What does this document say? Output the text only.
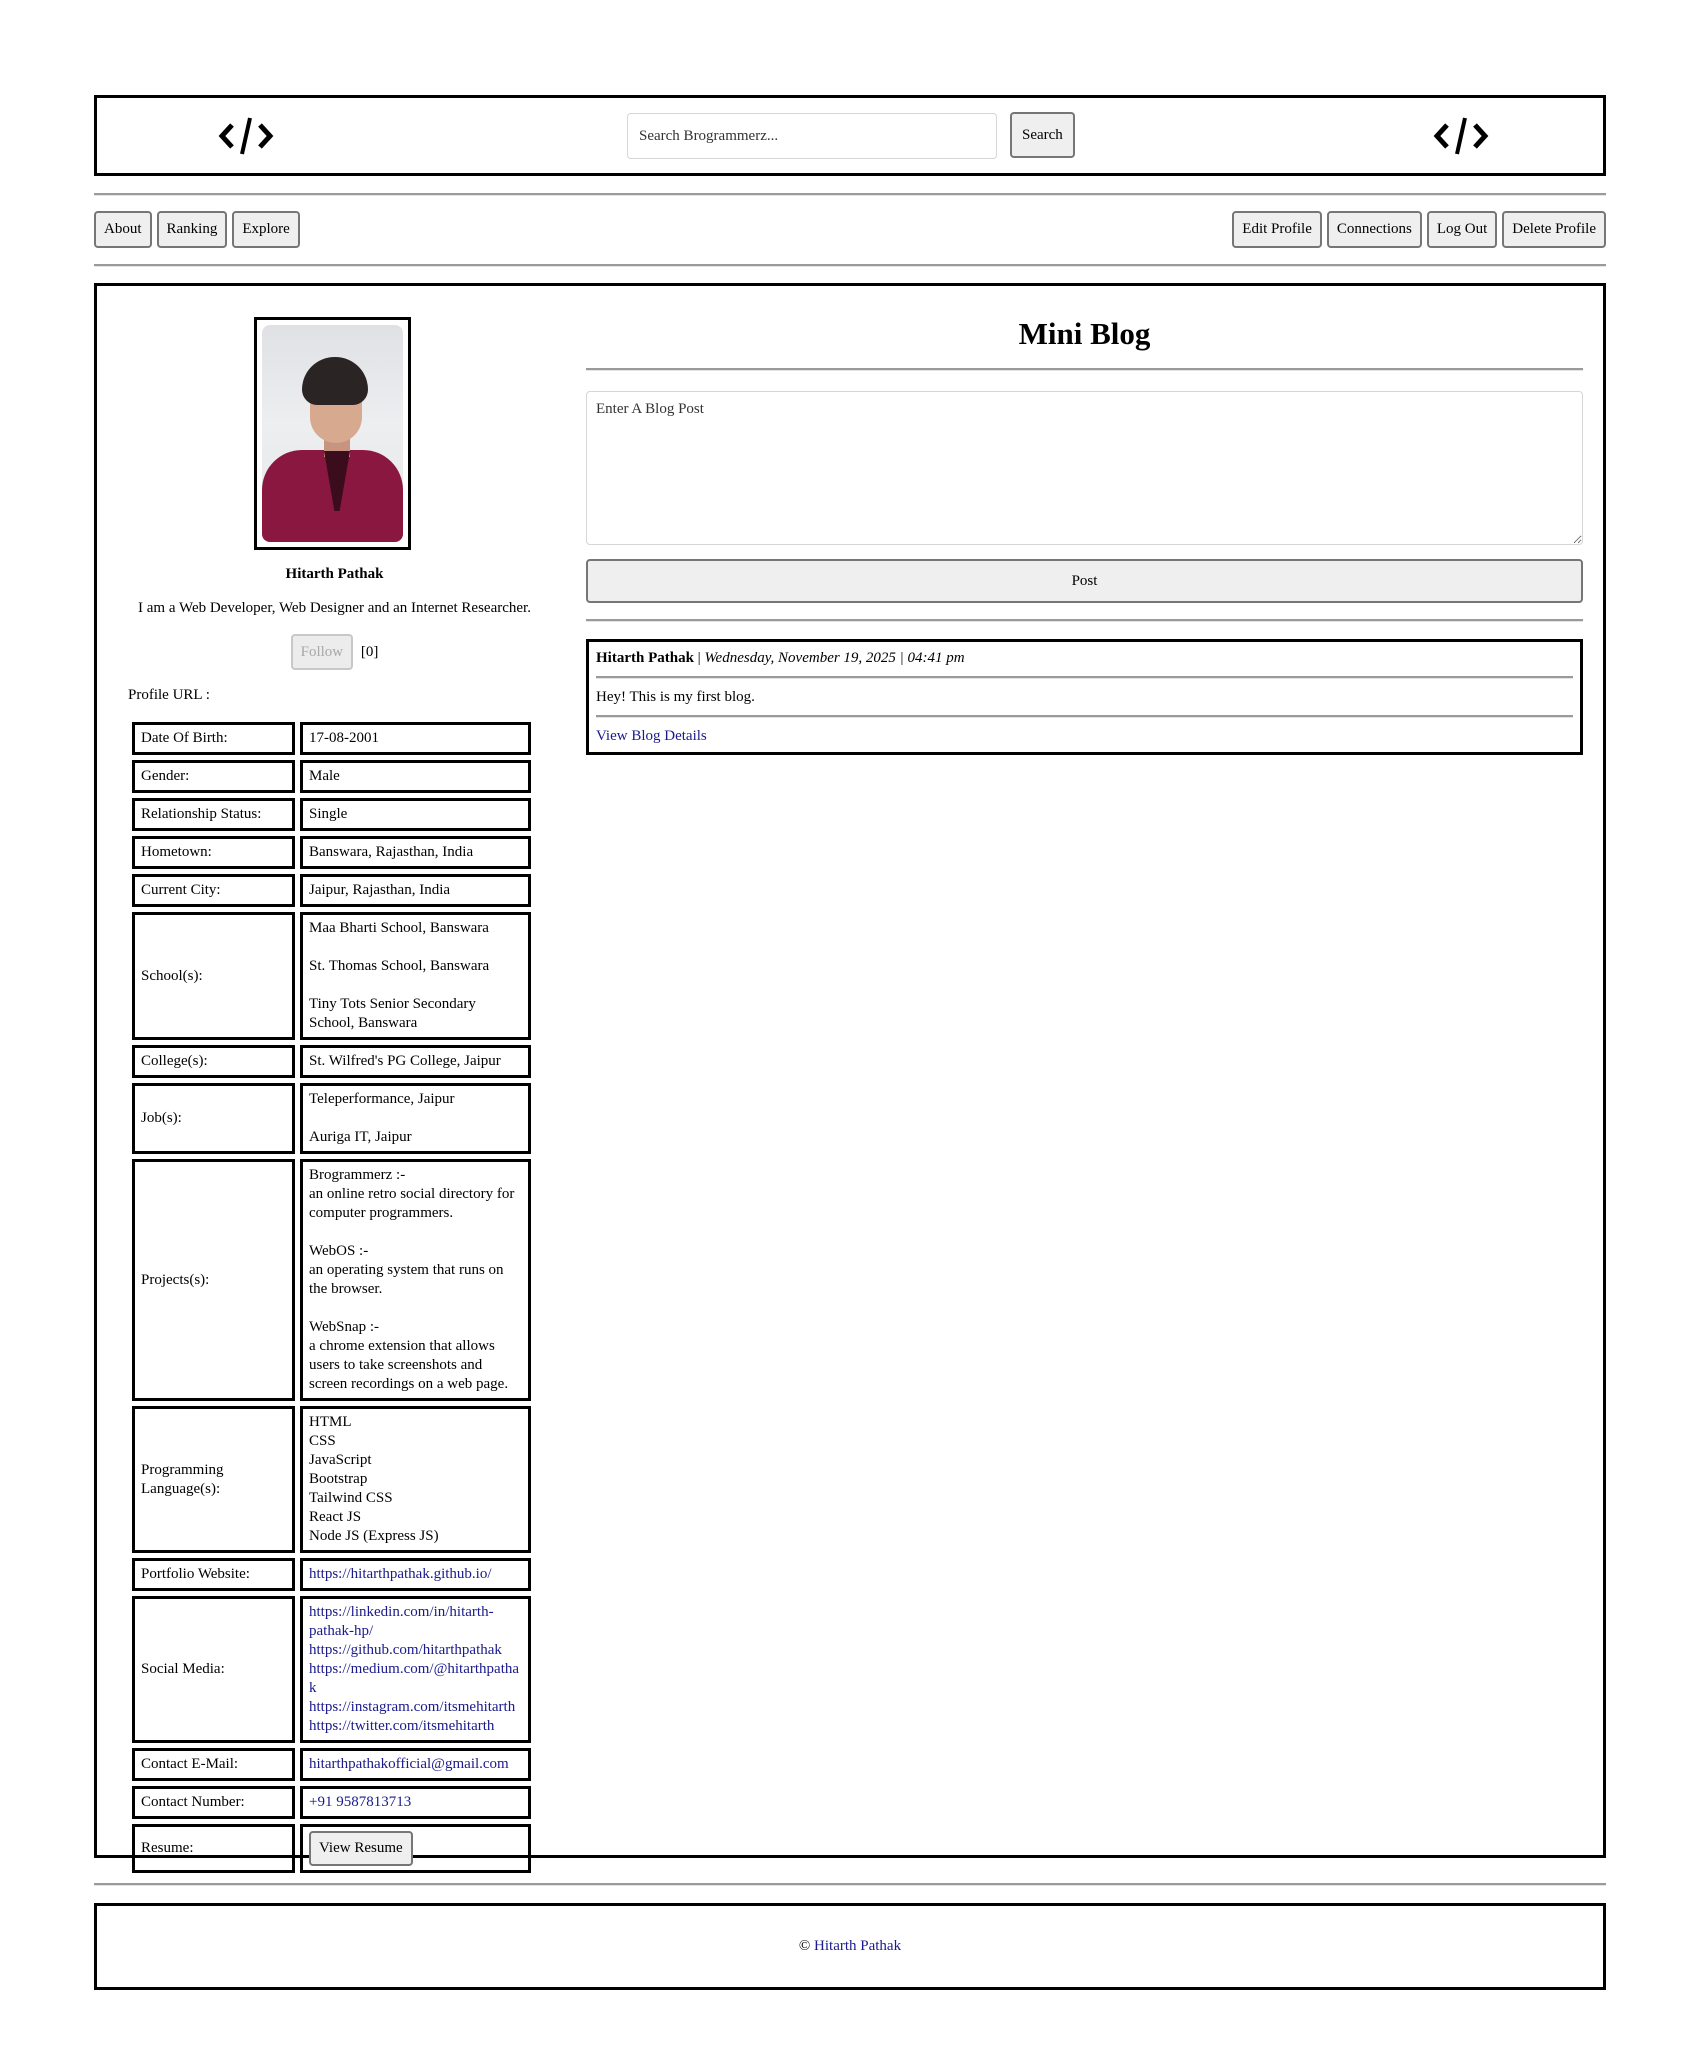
Search Brogrammerz...
Search
About	Ranking	Explore	Edit Profile	Connections	Log Out	Delete Profile
Hitarth Pathak
I am a Web Developer, Web Designer and an Internet Researcher.
Follow [0]
Profile URL :
Date Of Birth:	17-08-2001
Gender:	Male
Relationship Status:	Single
Hometown:	Banswara, Rajasthan, India
Current City:	Jaipur, Rajasthan, India
School(s):	Maa Bharti School, Banswara
St. Thomas School, Banswara
Tiny Tots Senior Secondary School, Banswara
College(s):	St. Wilfred's PG College, Jaipur
Job(s):	Teleperformance, Jaipur
Auriga IT, Jaipur
Projects(s):	Brogrammerz :-
an online retro social directory for computer programmers.
WebOS :-
an operating system that runs on the browser.
WebSnap :-
a chrome extension that allows users to take screenshots and screen recordings on a web page.
Programming Language(s):	HTML
CSS
JavaScript
Bootstrap
Tailwind CSS
React JS
Node JS (Express JS)
Portfolio Website:	https://hitarthpathak.github.io/
Social Media:	https://linkedin.com/in/hitarth-pathak-hp/
https://github.com/hitarthpathak
https://medium.com/@hitarthpathak
https://instagram.com/itsmehitarth
https://twitter.com/itsmehitarth
Contact E-Mail:	hitarthpathakofficial@gmail.com
Contact Number:	+91 9587813713
Resume:	View Resume
Mini Blog
Enter A Blog Post
Post
Hitarth Pathak | Wednesday, November 19, 2025 | 04:41 pm
Hey! This is my first blog.
View Blog Details
©
Hitarth Pathak
